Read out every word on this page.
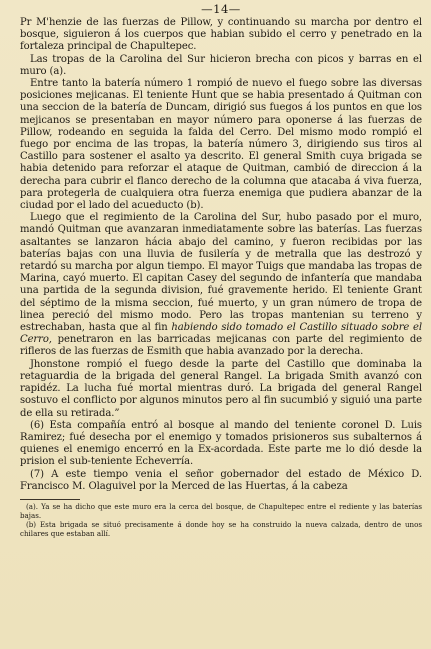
—14—

Pr M'henzie de las fuerzas de Pillow, y continuando su marcha por dentro el bosque, siguieron á los cuerpos que habian subido el cerro y penetrado en la fortaleza principal de Chapultepec.

Las tropas de la Carolina del Sur hicieron brecha con picos y barras en el muro (a).

Entre tanto la batería número 1 rompió de nuevo el fuego sobre las diversas posiciones mejicanas. El teniente Hunt que se habia presentado á Quitman con una seccion de la batería de Duncam, dirigió sus fuegos á los puntos en que los mejicanos se presentaban en mayor número para oponerse á las fuerzas de Pillow, rodeando en seguida la falda del Cerro. Del mismo modo rompió el fuego por encima de las tropas, la batería número 3, dirigiendo sus tiros al Castillo para sostener el asalto ya descrito. El general Smith cuya brigada se habia detenido para reforzar el ataque de Quitman, cambió de direccion á la derecha para cubrir el flanco derecho de la columna que atacaba á viva fuerza, para protegerla de cualquiera otra fuerza enemiga que pudiera abanzar de la ciudad por el lado del acueducto (b).

Luego que el regimiento de la Carolina del Sur, hubo pasado por el muro, mandó Quitman que avanzaran inmediatamente sobre las baterías. Las fuerzas asaltantes se lanzaron hácia abajo del camino, y fueron recibidas por las baterías bajas con una lluvia de fusilería y de metralla que las destrozó y retardó su marcha por algun tiempo. El mayor Tuigs que mandaba las tropas de Marina, cayó muerto. El capitan Casey del segundo de infantería que mandaba una partida de la segunda division, fué gravemente herido. El teniente Grant del séptimo de la misma seccion, fué muerto, y un gran número de tropa de linea pereció del mismo modo. Pero las tropas mantenian su terreno y estrechaban, hasta que al fin habiendo sido tomado el Castillo situado sobre el Cerro, penetraron en las barricadas mejicanas con parte del regimiento de rifleros de las fuerzas de Esmith que habia avanzado por la derecha.

Jhonstone rompió el fuego desde la parte del Castillo que dominaba la retaguardia de la brigada del general Rangel. La brigada Smith avanzó con rapidéz. La lucha fué mortal mientras duró. La brigada del general Rangel sostuvo el conflicto por algunos minutos pero al fin sucumbió y siguió una parte de ella su retirada.”

(6) Esta compañía entró al bosque al mando del teniente coronel D. Luis Ramirez; fué desecha por el enemigo y tomados prisioneros sus subalternos á quienes el enemigo encerró en la Ex-acordada. Este parte me lo dió desde la prision el sub-teniente Echeverría.

(7) A este tiempo venia el señor gobernador del estado de México D. Francisco M. Olaguivel por la Merced de las Huertas, á la cabeza

(a). Ya se ha dicho que este muro era la cerca del bosque, de Chapultepec entre el rediente y las baterías bajas.

(b) Esta brigada se situó precisamente á donde hoy se ha construido la nueva calzada, dentro de unos chilares que estaban allí.
